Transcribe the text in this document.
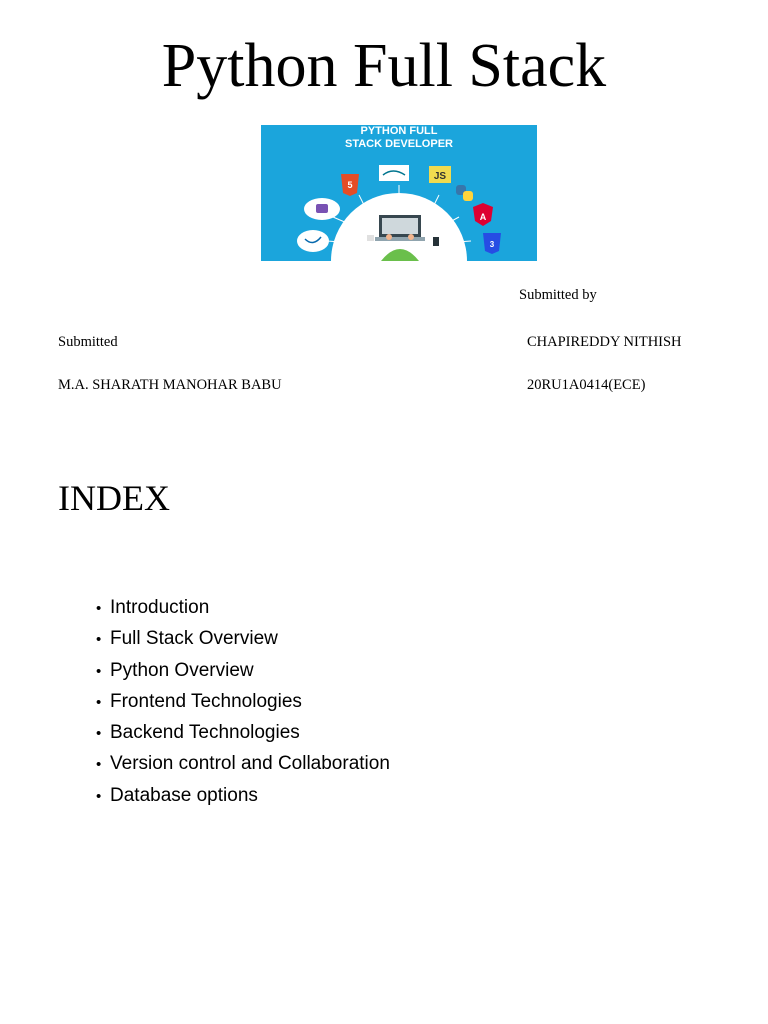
Python Full Stack
PYTHON FULL
STACK DEVELOPER
5
JS
A
3
Submitted by
Submitted	CHAPIREDDY NITHISH
M.A. SHARATH MANOHAR BABU	20RU1A0414(ECE)
INDEX
• Introduction
• Full Stack Overview
• Python Overview
• Frontend Technologies
• Backend Technologies
• Version control and Collaboration
• Database options
